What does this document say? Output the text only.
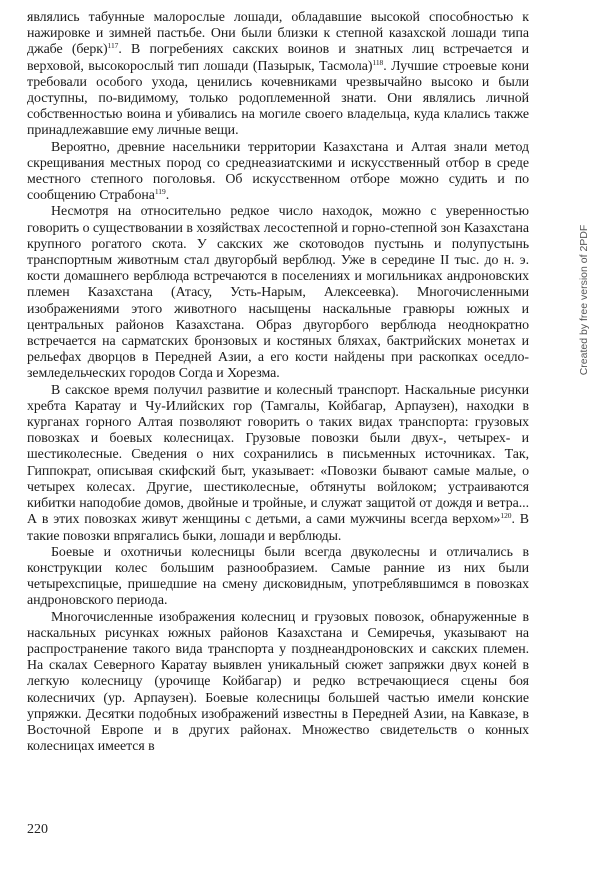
являлись табунные малорослые лошади, обладавшие высокой способностью к нажировке и зимней пастьбе. Они были близки к степной казахской лошади типа джабе (берк)$^{117}$. В погребениях сакских воинов и знатных лиц встречается и верховой, высокорослый тип лошади (Пазырык, Тасмола)$^{118}$. Лучшие строевые кони требовали особого ухода, ценились кочевниками чрезвычайно высоко и были доступны, по-видимому, только родоплеменной знати. Они являлись личной собственностью воина и убивались на могиле своего владельца, куда клались также принадлежавшие ему личные вещи.

Вероятно, древние насельники территории Казахстана и Алтая знали метод скрещивания местных пород со среднеазиатскими и искусственный отбор в среде местного степного поголовья. Об искусственном отборе можно судить и по сообщению Страбона$^{119}$.

Несмотря на относительно редкое число находок, можно с уверенностью говорить о существовании в хозяйствах лесостепной и горно-степной зон Казахстана крупного рогатого скота. У сакских же скотоводов пустынь и полупустынь транспортным животным стал двугорбый верблюд. Уже в середине II тыс. до н. э. кости домашнего верблюда встречаются в поселениях и могильниках андроновских племен Казахстана (Атасу, Усть-Нарым, Алексеевка). Многочисленными изображениями этого животного насыщены наскальные гравюры южных и центральных районов Казахстана. Образ двугорбого верблюда неоднократно встречается на сарматских бронзовых и костяных бляхах, бактрийских монетах и рельефах дворцов в Передней Азии, а его кости найдены при раскопках оседло-земледельческих городов Согда и Хорезма.

В сакское время получил развитие и колесный транспорт. Наскальные рисунки хребта Каратау и Чу-Илийских гор (Тамгалы, Койбагар, Арпаузен), находки в курганах горного Алтая позволяют говорить о таких видах транспорта: грузовых повозках и боевых колесницах. Грузовые повозки были двух-, четырех- и шестиколесные. Сведения о них сохранились в письменных источниках. Так, Гиппократ, описывая скифский быт, указывает: «Повозки бывают самые малые, о четырех колесах. Другие, шестиколесные, обтянуты войлоком; устраиваются кибитки наподобие домов, двойные и тройные, и служат защитой от дождя и ветра... А в этих повозках живут женщины с детьми, а сами мужчины всегда верхом»$^{120}$. В такие повозки впрягались быки, лошади и верблюды.

Боевые и охотничьи колесницы были всегда двуколесны и отличались в конструкции колес большим разнообразием. Самые ранние из них были четырехспицые, пришедшие на смену дисковидным, употреблявшимся в повозках андроновского периода.

Многочисленные изображения колесниц и грузовых повозок, обнаруженные в наскальных рисунках южных районов Казахстана и Семиречья, указывают на распространение такого вида транспорта у позднеандроновских и сакских племен. На скалах Северного Каратау выявлен уникальный сюжет запряжки двух коней в легкую колесницу (урочище Койбагар) и редко встречающиеся сцены боя колесничих (ур. Арпаузен). Боевые колесницы большей частью имели конские упряжки. Десятки подобных изображений известны в Передней Азии, на Кавказе, в Восточной Европе и в других районах. Множество свидетельств о конных колесницах имеется в

220
Created by free version of 2PDF
